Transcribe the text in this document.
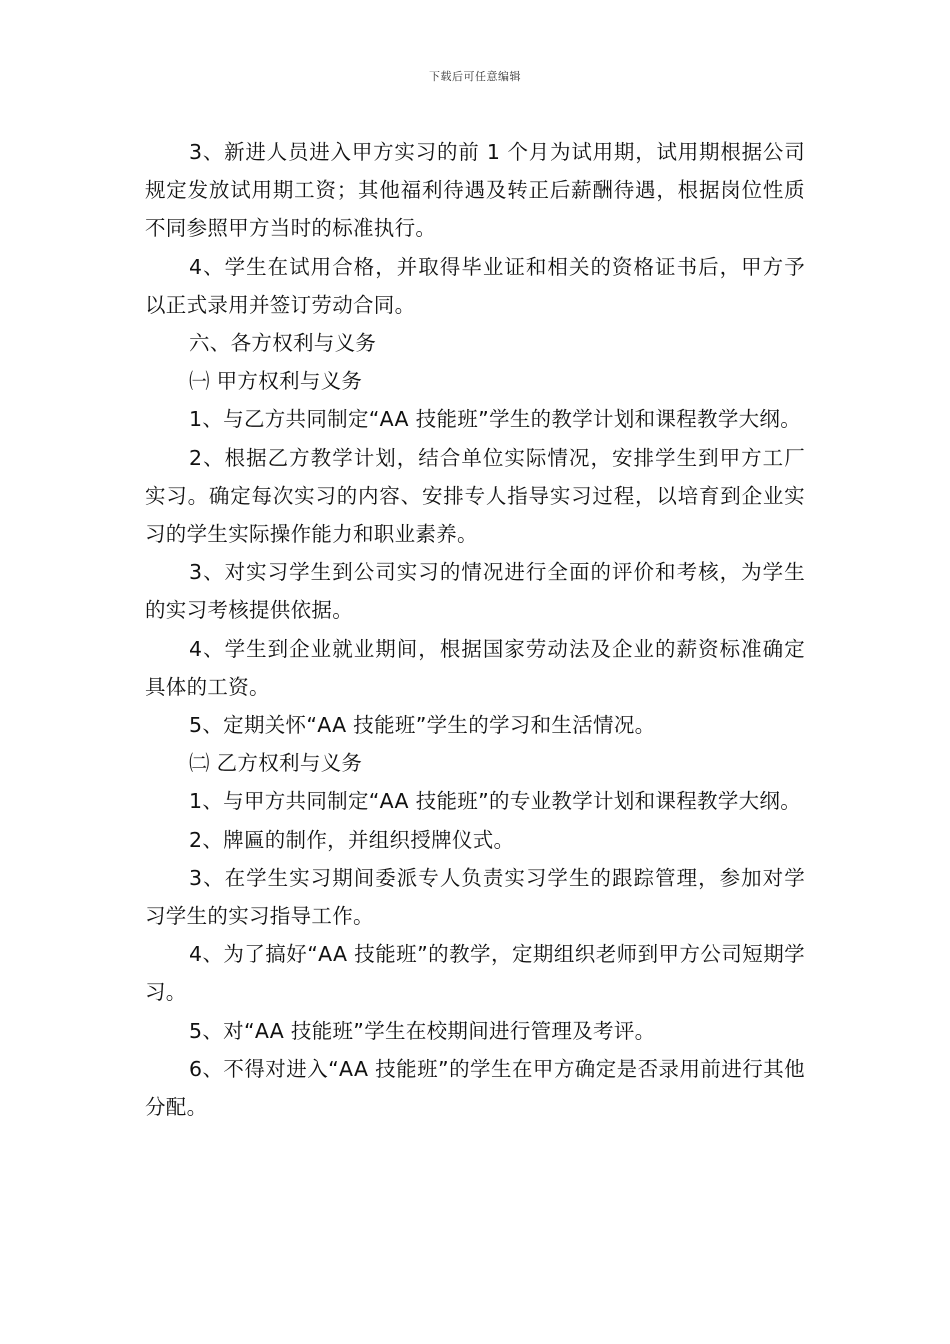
下载后可任意编辑

3、新进人员进入甲方实习的前 1 个月为试用期，试用期根据公司规定发放试用期工资；其他福利待遇及转正后薪酬待遇，根据岗位性质不同参照甲方当时的标准执行。

4、学生在试用合格，并取得毕业证和相关的资格证书后，甲方予以正式录用并签订劳动合同。

六、各方权利与义务

㈠ 甲方权利与义务

1、与乙方共同制定“AA 技能班”学生的教学计划和课程教学大纲。

2、根据乙方教学计划，结合单位实际情况，安排学生到甲方工厂实习。确定每次实习的内容、安排专人指导实习过程，以培育到企业实习的学生实际操作能力和职业素养。

3、对实习学生到公司实习的情况进行全面的评价和考核，为学生的实习考核提供依据。

4、学生到企业就业期间，根据国家劳动法及企业的薪资标准确定具体的工资。

5、定期关怀“AA 技能班”学生的学习和生活情况。

㈡ 乙方权利与义务

1、与甲方共同制定“AA 技能班”的专业教学计划和课程教学大纲。

2、牌匾的制作，并组织授牌仪式。

3、在学生实习期间委派专人负责实习学生的跟踪管理，参加对学习学生的实习指导工作。

4、为了搞好“AA 技能班”的教学，定期组织老师到甲方公司短期学习。

5、对“AA 技能班”学生在校期间进行管理及考评。

6、不得对进入“AA 技能班”的学生在甲方确定是否录用前进行其他分配。
